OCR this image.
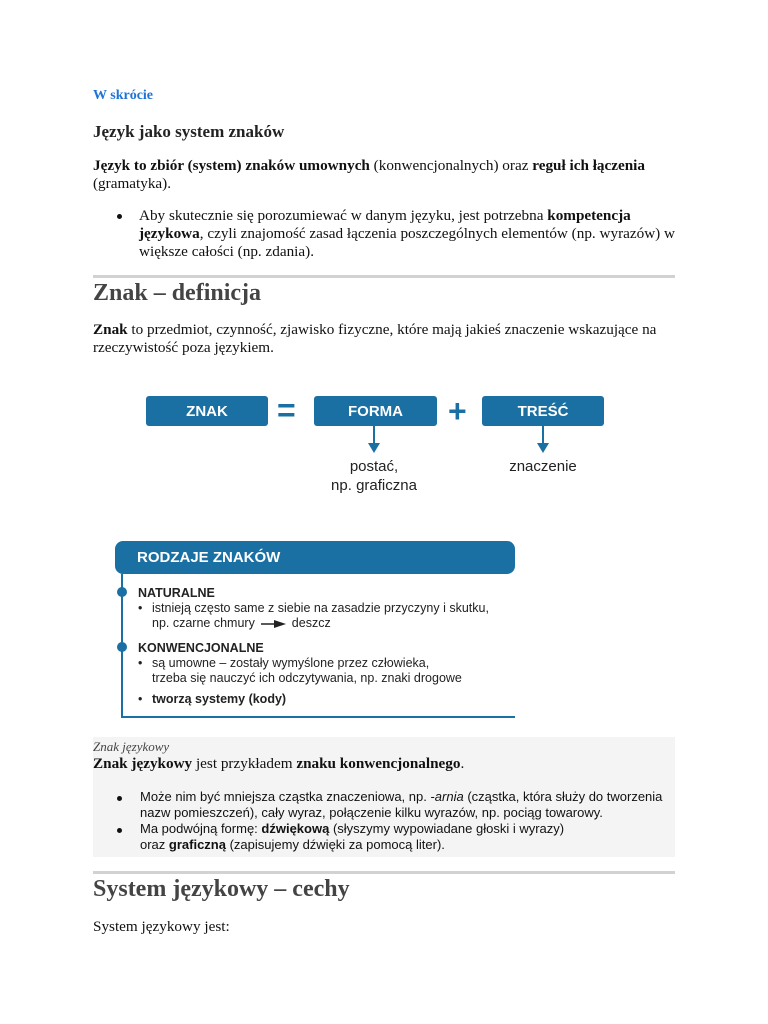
W skrócie
Język jako system znaków
Język to zbiór (system) znaków umownych (konwencjonalnych) oraz reguł ich łączenia (gramatyka).
Aby skutecznie się porozumiewać w danym języku, jest potrzebna kompetencja językowa, czyli znajomość zasad łączenia poszczególnych elementów (np. wyrazów) w większe całości (np. zdania).
Znak – definicja
Znak to przedmiot, czynność, zjawisko fizyczne, które mają jakieś znaczenie wskazujące na rzeczywistość poza językiem.
ZNAK	=	FORMA	+	TREŚĆ
postać,
np. graficzna
znaczenie
RODZAJE ZNAKÓW
NATURALNE
• istnieją często same z siebie na zasadzie przyczyny i skutku,
np. czarne chmury	deszcz
KONWENCJONALNE
• są umowne – zostały wymyślone przez człowieka,
trzeba się nauczyć ich odczytywania, np. znaki drogowe
• tworzą systemy (kody)
Znak językowy
Znak językowy jest przykładem znaku konwencjonalnego.
Może nim być mniejsza cząstka znaczeniowa, np. -arnia (cząstka, która służy do tworzenia nazw pomieszczeń), cały wyraz, połączenie kilku wyrazów, np. pociąg towarowy.
Ma podwójną formę: dźwiękową (słyszymy wypowiadane głoski i wyrazy)
oraz graficzną (zapisujemy dźwięki za pomocą liter).
System językowy – cechy
System językowy jest:
